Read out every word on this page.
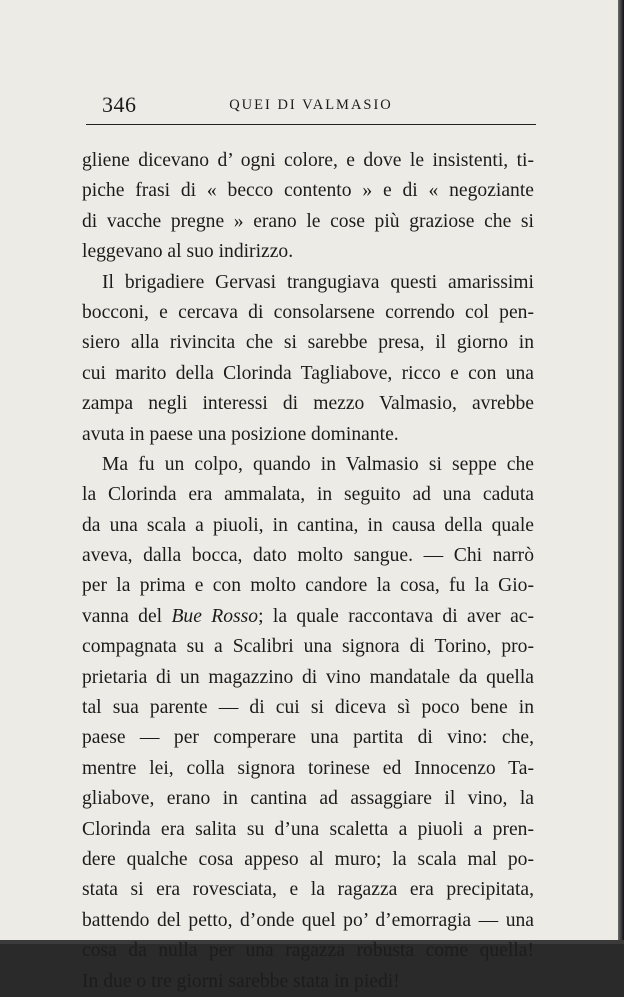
346	QUEI DI VALMASIO
gliene dicevano d’ ogni colore, e dove le insistenti, ti-
piche frasi di « becco contento » e di « negoziante
di vacche pregne » erano le cose più graziose che si
leggevano al suo indirizzo.
Il brigadiere Gervasi trangugiava questi amarissimi
bocconi, e cercava di consolarsene correndo col pen-
siero alla rivincita che si sarebbe presa, il giorno in
cui marito della Clorinda Tagliabove, ricco e con una
zampa negli interessi di mezzo Valmasio, avrebbe
avuta in paese una posizione dominante.
Ma fu un colpo, quando in Valmasio si seppe che
la Clorinda era ammalata, in seguito ad una caduta
da una scala a piuoli, in cantina, in causa della quale
aveva, dalla bocca, dato molto sangue. — Chi narrò
per la prima e con molto candore la cosa, fu la Gio-
vanna del Bue Rosso; la quale raccontava di aver ac-
compagnata su a Scalibri una signora di Torino, pro-
prietaria di un magazzino di vino mandatale da quella
tal sua parente — di cui si diceva sì poco bene in
paese — per comperare una partita di vino: che,
mentre lei, colla signora torinese ed Innocenzo Ta-
gliabove, erano in cantina ad assaggiare il vino, la
Clorinda era salita su d’una scaletta a piuoli a pren-
dere qualche cosa appeso al muro; la scala mal po-
stata si era rovesciata, e la ragazza era precipitata,
battendo del petto, d’onde quel po’ d’emorragia — una
cosa da nulla per una ragazza robusta come quella!
In due o tre giorni sarebbe stata in piedi!
